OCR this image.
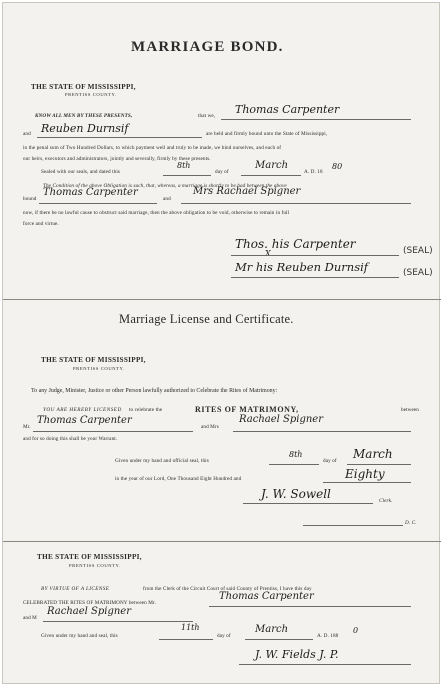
MARRIAGE BOND.
THE STATE OF MISSISSIPPI,
PRENTISS COUNTY.
KNOW ALL MEN BY THESE PRESENTS,	that we, Thomas Carpenter
and Reuben Durnsif	are held and firmly bound unto the State of Mississippi,
in the penal sum of Two Hundred Dollars, to which payment well and truly to be made, we bind ourselves, and each of
our heirs, executors and administrators, jointly and severally, firmly by these presents.
Sealed with our seals, and dated this
8th
day of
March
A. D. 18
80
The Condition of the above Obligation is such, that, whereas, a marriage is shortly to be had between the above
bound
Thomas Carpenter
and
Mrs Rachael Spigner
now, if there be no lawful cause to obstruct said marriage, then the above obligation to be void, otherwise to remain in full
force and virtue.
Thos. his Carpenter
X	(SEAL)
Mr his Reuben Durnsif	(SEAL)
Marriage License and Certificate.
THE STATE OF MISSISSIPPI,
PRENTISS COUNTY.
To any Judge, Minister, Justice or other Person lawfully authorized to Celebrate the Rites of Matrimony:
YOU ARE HEREBY LICENSED to celebrate the	RITES OF MATRIMONY,	between
Mr.
Thomas Carpenter
and Mrs
Rachael Spigner
and for so doing this shall be your Warrant.
Given under my hand and official seal, this
8th
day of March
in the year of our Lord, One Thousand Eight Hundred and	Eighty
J. W. Sowell	Clerk.
D. C.
THE STATE OF MISSISSIPPI,
PRENTISS COUNTY.
BY VIRTUE OF A LICENSE	from the Clerk of the Circuit Court of said County of Prentiss, I have this day
CELEBRATED THE RITES OF MATRIMONY between Mr.
Thomas Carpenter
and M
Rachael Spigner
Given under my hand and seal, this
11th
day of
March
A. D. 188
0
J. W. Fields J. P.
